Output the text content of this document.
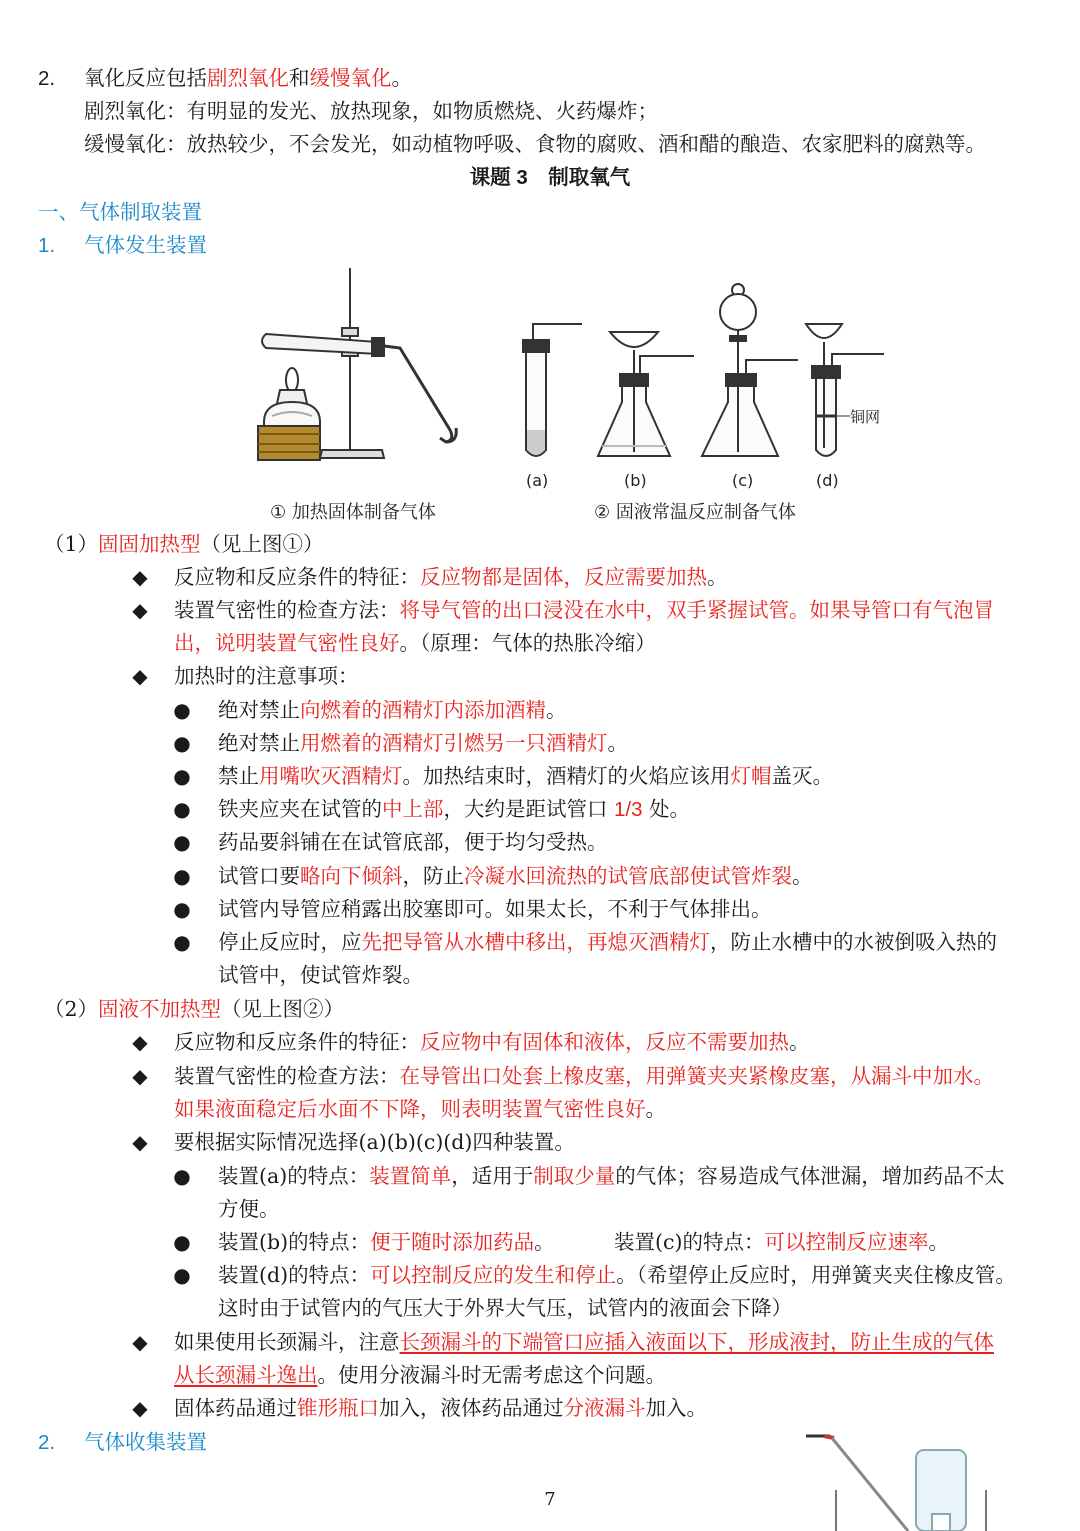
2. 氧化反应包括剧烈氧化和缓慢氧化。
剧烈氧化：有明显的发光、放热现象，如物质燃烧、火药爆炸；
缓慢氧化：放热较少，不会发光，如动植物呼吸、食物的腐败、酒和醋的酿造、农家肥料的腐熟等。
课题 3　制取氧气
一、气体制取装置
1. 气体发生装置
(a)	(b)	(c)	(d)
铜网
① 加热固体制备气体	② 固液常温反应制备气体
（1）固固加热型（见上图①）
◆ 反应物和反应条件的特征：反应物都是固体，反应需要加热。
◆ 装置气密性的检查方法：将导气管的出口浸没在水中，双手紧握试管。如果导管口有气泡冒
出，说明装置气密性良好。（原理：气体的热胀冷缩）
◆ 加热时的注意事项：
● 绝对禁止向燃着的酒精灯内添加酒精。
● 绝对禁止用燃着的酒精灯引燃另一只酒精灯。
● 禁止用嘴吹灭酒精灯。加热结束时，酒精灯的火焰应该用灯帽盖灭。
● 铁夹应夹在试管的中上部，大约是距试管口 1/3 处。
● 药品要斜铺在在试管底部，便于均匀受热。
● 试管口要略向下倾斜，防止冷凝水回流热的试管底部使试管炸裂。
● 试管内导管应稍露出胶塞即可。如果太长，不利于气体排出。
● 停止反应时，应先把导管从水槽中移出，再熄灭酒精灯，防止水槽中的水被倒吸入热的
试管中，使试管炸裂。
（2）固液不加热型（见上图②）
◆ 反应物和反应条件的特征：反应物中有固体和液体，反应不需要加热。
◆ 装置气密性的检查方法：在导管出口处套上橡皮塞，用弹簧夹夹紧橡皮塞，从漏斗中加水。
如果液面稳定后水面不下降，则表明装置气密性良好。
◆ 要根据实际情况选择(a)(b)(c)(d)四种装置。
● 装置(a)的特点：装置简单，适用于制取少量的气体；容易造成气体泄漏，增加药品不太
方便。
● 装置(b)的特点：便于随时添加药品。	装置(c)的特点：可以控制反应速率。
● 装置(d)的特点：可以控制反应的发生和停止。（希望停止反应时，用弹簧夹夹住橡皮管。
这时由于试管内的气压大于外界大气压，试管内的液面会下降）
◆ 如果使用长颈漏斗，注意长颈漏斗的下端管口应插入液面以下，形成液封，防止生成的气体
从长颈漏斗逸出。使用分液漏斗时无需考虑这个问题。
◆ 固体药品通过锥形瓶口加入，液体药品通过分液漏斗加入。
2. 气体收集装置
7
